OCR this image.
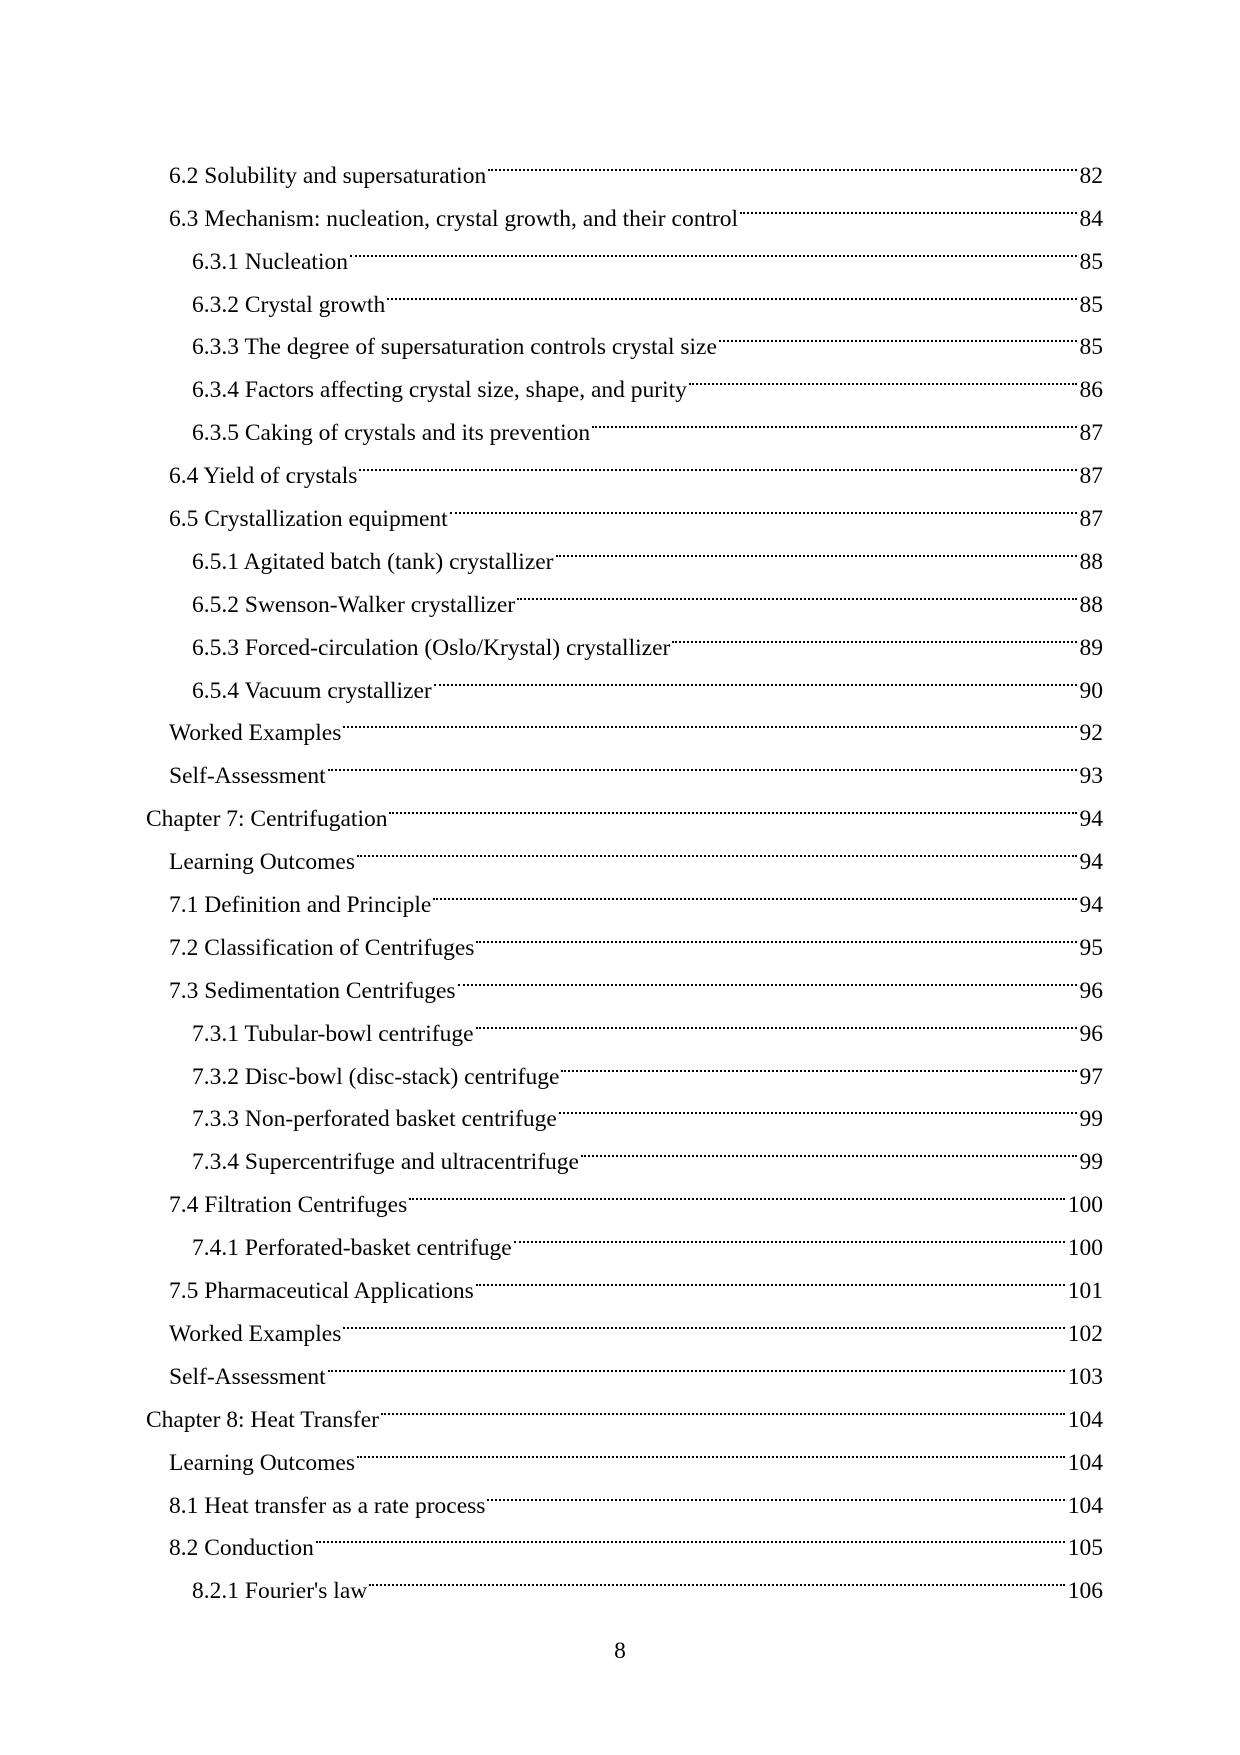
6.2 Solubility and supersaturation	82
6.3 Mechanism: nucleation, crystal growth, and their control	84
6.3.1 Nucleation	85
6.3.2 Crystal growth	85
6.3.3 The degree of supersaturation controls crystal size	85
6.3.4 Factors affecting crystal size, shape, and purity	86
6.3.5 Caking of crystals and its prevention	87
6.4 Yield of crystals	87
6.5 Crystallization equipment	87
6.5.1 Agitated batch (tank) crystallizer	88
6.5.2 Swenson-Walker crystallizer	88
6.5.3 Forced-circulation (Oslo/Krystal) crystallizer	89
6.5.4 Vacuum crystallizer	90
Worked Examples	92
Self-Assessment	93
Chapter 7: Centrifugation	94
Learning Outcomes	94
7.1 Definition and Principle	94
7.2 Classification of Centrifuges	95
7.3 Sedimentation Centrifuges	96
7.3.1 Tubular-bowl centrifuge	96
7.3.2 Disc-bowl (disc-stack) centrifuge	97
7.3.3 Non-perforated basket centrifuge	99
7.3.4 Supercentrifuge and ultracentrifuge	99
7.4 Filtration Centrifuges	100
7.4.1 Perforated-basket centrifuge	100
7.5 Pharmaceutical Applications	101
Worked Examples	102
Self-Assessment	103
Chapter 8: Heat Transfer	104
Learning Outcomes	104
8.1 Heat transfer as a rate process	104
8.2 Conduction	105
8.2.1 Fourier's law	106
8
